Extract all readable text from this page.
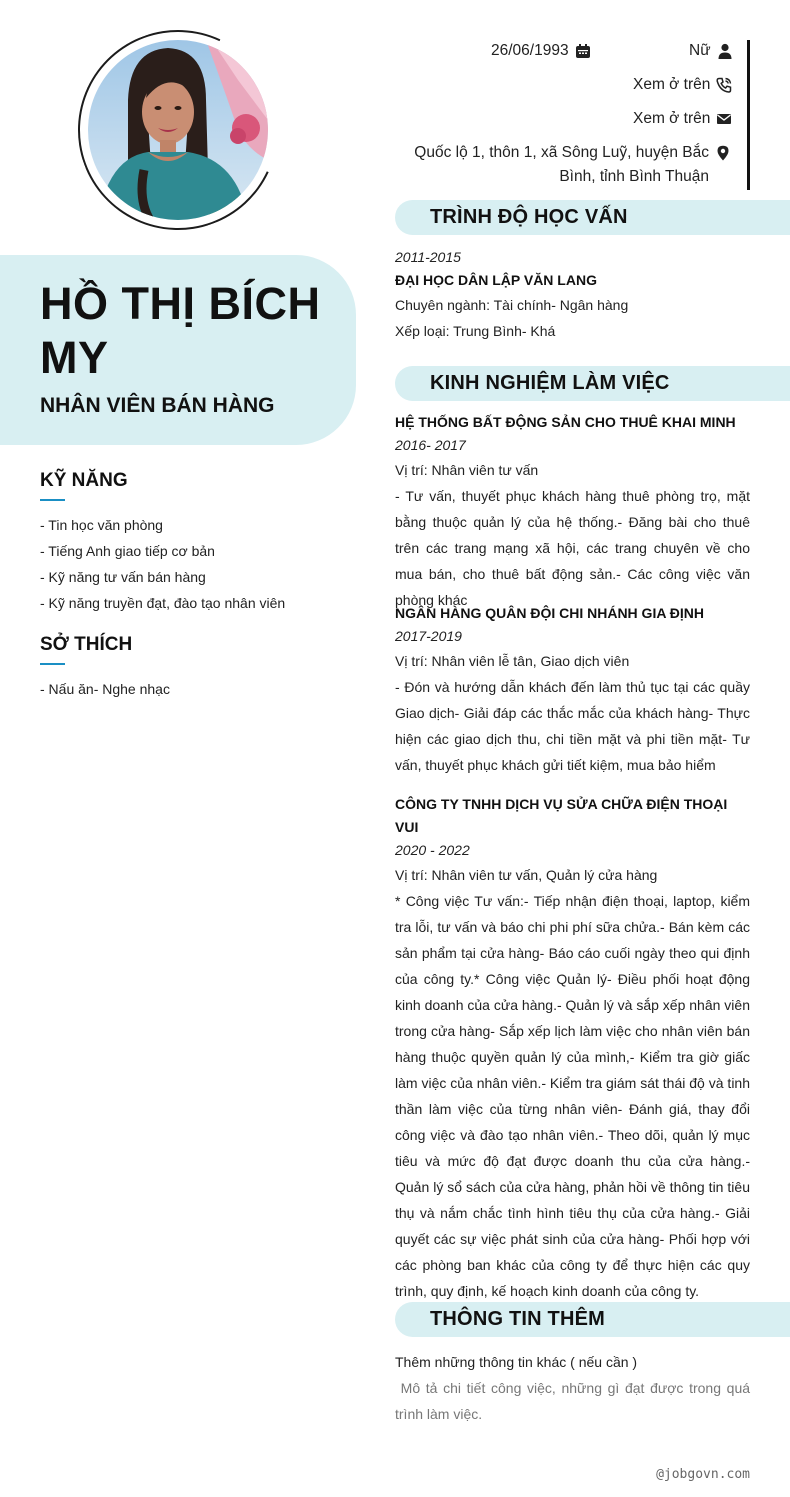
HỒ THỊ BÍCH MY
NHÂN VIÊN BÁN HÀNG
KỸ NĂNG
- Tin học văn phòng
- Tiếng Anh giao tiếp cơ bản
- Kỹ năng tư vấn bán hàng
- Kỹ năng truyền đạt, đào tạo nhân viên
SỞ THÍCH
- Nấu ăn- Nghe nhạc
26/06/1993	Nữ
Xem ở trên
Xem ở trên
Quốc lộ 1, thôn 1, xã Sông Luỹ, huyện Bắc Bình, tỉnh Bình Thuận
TRÌNH ĐỘ HỌC VẤN
2011-2015
ĐẠI HỌC DÂN LẬP VĂN LANG
Chuyên ngành: Tài chính- Ngân hàng
Xếp loại: Trung Bình- Khá
KINH NGHIỆM LÀM VIỆC
HỆ THỐNG BẤT ĐỘNG SẢN CHO THUÊ KHAI MINH
2016- 2017
Vị trí: Nhân viên tư vấn
- Tư vấn, thuyết phục khách hàng thuê phòng trọ, mặt bằng thuộc quản lý của hệ thống.- Đăng bài cho thuê trên các trang mạng xã hội, các trang chuyên về cho mua bán, cho thuê bất động sản.- Các công việc văn phòng khác
NGÂN HÀNG QUÂN ĐỘI CHI NHÁNH GIA ĐỊNH
2017-2019
Vị trí: Nhân viên lễ tân, Giao dịch viên
- Đón và hướng dẫn khách đến làm thủ tục tại các quầy Giao dịch- Giải đáp các thắc mắc của khách hàng- Thực hiện các giao dịch thu, chi tiền mặt và phi tiền mặt- Tư vấn, thuyết phục khách gửi tiết kiệm, mua bảo hiểm
CÔNG TY TNHH DỊCH VỤ SỬA CHỮA ĐIỆN THOẠI VUI
2020 - 2022
Vị trí: Nhân viên tư vấn, Quản lý cửa hàng
* Công việc Tư vấn:- Tiếp nhận điện thoại, laptop, kiểm tra lỗi, tư vấn và báo chi phi phí sữa chửa.- Bán kèm các sản phẩm tại cửa hàng- Báo cáo cuối ngày theo qui định của công ty.* Công việc Quản lý- Điều phối hoạt động kinh doanh của cửa hàng.- Quản lý và sắp xếp nhân viên trong cửa hàng- Sắp xếp lịch làm việc cho nhân viên bán hàng thuộc quyền quản lý của mình,- Kiểm tra giờ giấc làm việc của nhân viên.- Kiểm tra giám sát thái độ và tinh thần làm việc của từng nhân viên- Đánh giá, thay đổi công việc và đào tạo nhân viên.- Theo dõi, quản lý mục tiêu và mức độ đạt được doanh thu của cửa hàng.- Quản lý sổ sách của cửa hàng, phản hồi về thông tin tiêu thụ và nắm chắc tình hình tiêu thụ của cửa hàng.- Giải quyết các sự việc phát sinh của cửa hàng- Phối hợp với các phòng ban khác của công ty để thực hiện các quy trình, quy định, kế hoạch kinh doanh của công ty.
THÔNG TIN THÊM
Thêm những thông tin khác ( nếu cần )
Mô tả chi tiết công việc, những gì đạt được trong quá trình làm việc.
@jobgovn.com
